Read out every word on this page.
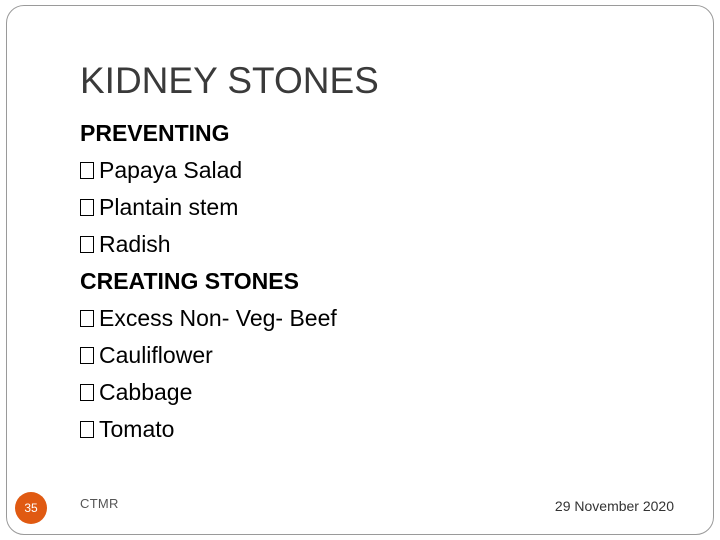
KIDNEY STONES
PREVENTING
Papaya Salad
Plantain stem
Radish
CREATING STONES
Excess Non- Veg- Beef
Cauliflower
Cabbage
Tomato
35	CTMR	29 November 2020
